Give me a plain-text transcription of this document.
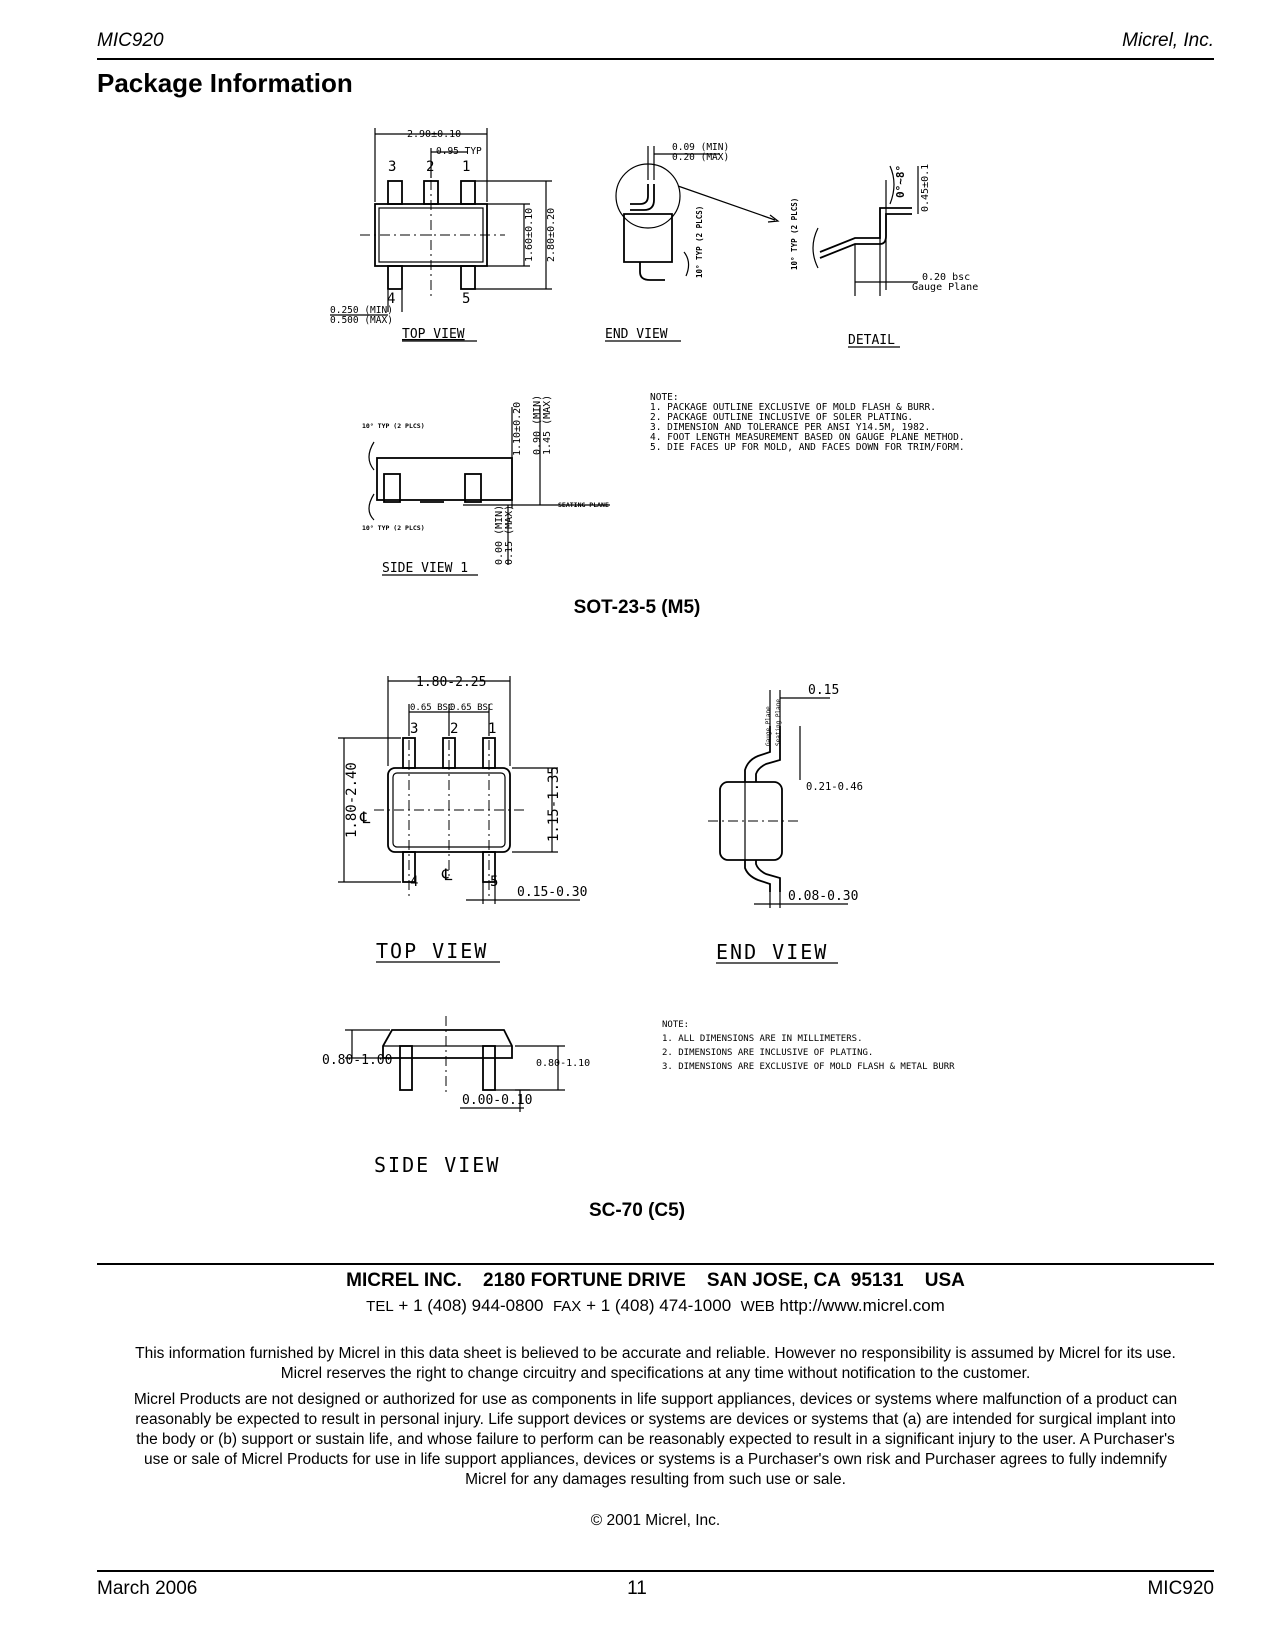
MIC920	Micrel, Inc.
Package Information
2.90±0.10
0.95 TYP
3 2 1
4	5
1.60±0.10 2.80±0.20
0.250 (MIN)
0.500 (MAX)
TOP VIEW
0.09 (MIN)
0.20 (MAX)
10° TYP (2 PLCS)
END VIEW
0.20 bsc
Gauge Plane
0.45±0.1
0°~8°
10° TYP (2 PLCS)
DETAIL
SEATING PLANE
1.10±0.20 0.90 (MIN) 1.45 (MAX)
0.00 (MIN) 0.15 (MAX)
10° TYP (2 PLCS)
10° TYP (2 PLCS)
SIDE VIEW 1
NOTE:
1. PACKAGE OUTLINE EXCLUSIVE OF MOLD FLASH & BURR.
2. PACKAGE OUTLINE INCLUSIVE OF SOLER PLATING.
3. DIMENSION AND TOLERANCE PER ANSI Y14.5M, 1982.
4. FOOT LENGTH MEASUREMENT BASED ON GAUGE PLANE METHOD.
5. DIE FACES UP FOR MOLD, AND FACES DOWN FOR TRIM/FORM.
1.80-2.25
0.65 BSC
0.65 BSC
3 2 1
4	5
1.80-2.40 ℄
℄
1.15-1.35
0.15-0.30
TOP VIEW
0.15
Gauge Plane Seating Plane
0.21-0.46
0.08-0.30
END VIEW
0.80-1.00	0.80-1.10
0.00-0.10
SIDE VIEW
NOTE:
1. ALL DIMENSIONS ARE IN MILLIMETERS.
2. DIMENSIONS ARE INCLUSIVE OF PLATING.
3. DIMENSIONS ARE EXCLUSIVE OF MOLD FLASH & METAL BURR
SOT-23-5 (M5)
SC-70 (C5)
MICREL INC.    2180 FORTUNE DRIVE    SAN JOSE, CA  95131    USA
TEL + 1 (408) 944-0800 FAX + 1 (408) 474-1000 WEB http://www.micrel.com
This information furnished by Micrel in this data sheet is believed to be accurate and reliable. However no responsibility is assumed by Micrel for its use.
Micrel reserves the right to change circuitry and specifications at any time without notification to the customer.
Micrel Products are not designed or authorized for use as components in life support appliances, devices or systems where malfunction of a product can
reasonably be expected to result in personal injury. Life support devices or systems are devices or systems that (a) are intended for surgical implant into
the body or (b) support or sustain life, and whose failure to perform can be reasonably expected to result in a significant injury to the user. A Purchaser's
use or sale of Micrel Products for use in life support appliances, devices or systems is a Purchaser's own risk and Purchaser agrees to fully indemnify
Micrel for any damages resulting from such use or sale.
© 2001 Micrel, Inc.
March 2006	11	MIC920
